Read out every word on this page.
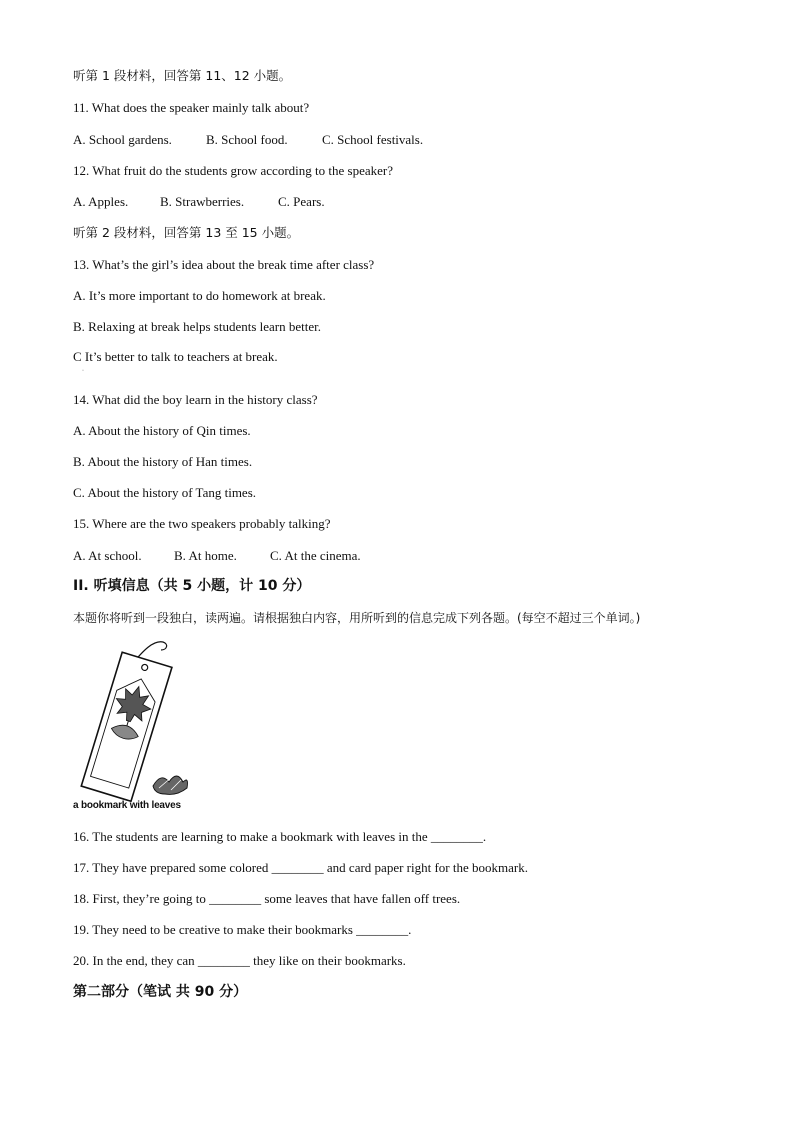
听第 1 段材料，回答第 11、12 小题。
11. What does the speaker mainly talk about?
A. School gardens.	B. School food.	C. School festivals.
12. What fruit do the students grow according to the speaker?
A. Apples. B. Strawberries.	C. Pears.
听第 2 段材料，回答第 13 至 15 小题。
13. What’s the girl’s idea about the break time after class?
A. It’s more important to do homework at break.
B. Relaxing at break helps students learn better.
C It’s better to talk to teachers at break.
·
14. What did the boy learn in the history class?
A. About the history of Qin times.
B. About the history of Han times.
C. About the history of Tang times.
15. Where are the two speakers probably talking?
A. At school. B. At home.	C. At the cinema.
II. 听填信息（共 5 小题，计 10 分）
本题你将听到一段独白，读两遍。请根据独白内容，用所听到的信息完成下列各题。(每空不超过三个单词。)
a bookmark with leaves
16. The students are learning to make a bookmark with leaves in the ________.
17. They have prepared some colored ________ and card paper right for the bookmark.
18. First, they’re going to ________ some leaves that have fallen off trees.
19. They need to be creative to make their bookmarks ________.
20. In the end, they can ________ they like on their bookmarks.
第二部分（笔试 共 90 分）
